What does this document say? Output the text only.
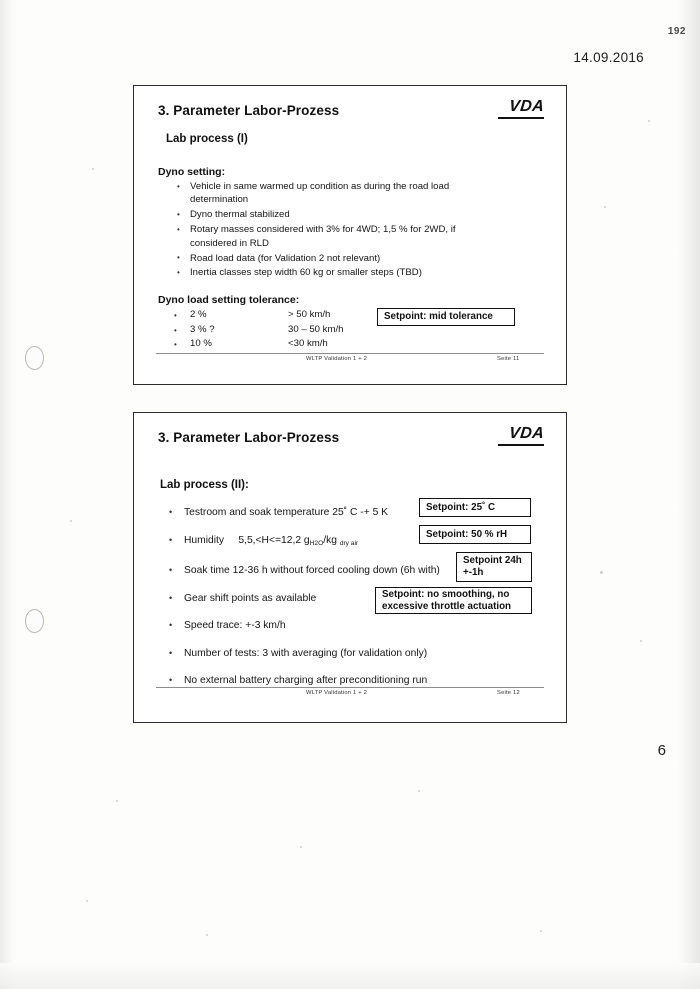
192
14.09.2016
6
3. Parameter Labor-Prozess	VDA
Lab process (I)
Dyno setting:
• Vehicle in same warmed up condition as during the road load determination
• Dyno thermal stabilized
• Rotary masses considered with 3% for 4WD; 1,5 % for 2WD, if considered in RLD
• Road load data (for Validation 2 not relevant)
• Inertia classes step width 60 kg or smaller steps (TBD)
Dyno load setting tolerance:
•	2 %	> 50 km/h
•	3 % ?	30 – 50 km/h
•	10 %	<30 km/h
Setpoint: mid tolerance
WLTP Validation 1 + 2	Seite 11
3. Parameter Labor-Prozess	VDA
Lab process (II):
• Testroom and soak temperature 25˚ C -+ 5 K
• Humidity     5,5,<H<=12,2 $g_{H2O}/kg$ $_{dry air}$
• Soak time 12-36 h without forced cooling down (6h with)
• Gear shift points as available
• Speed trace: +-3 km/h
• Number of tests: 3 with averaging (for validation only)
• No external battery charging after preconditioning run
Setpoint: 25˚ C
Setpoint: 50 % rH
Setpoint 24h +-1h
Setpoint: no smoothing, no excessive throttle actuation
WLTP Validation 1 + 2	Seite 12
